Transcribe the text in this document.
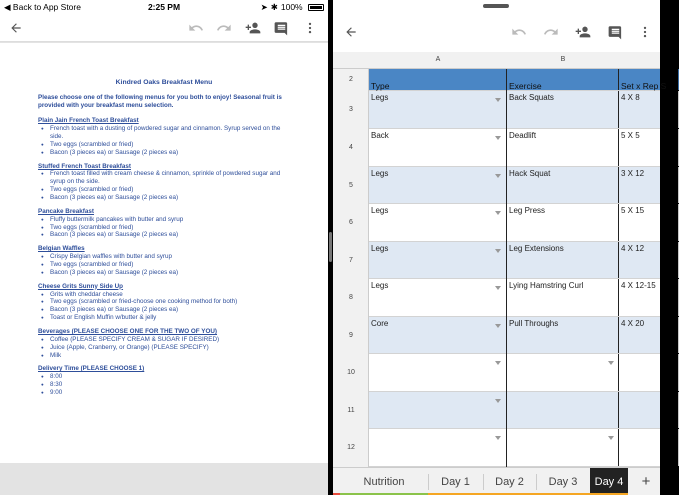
◀ Back to App Store	2:25 PM	➤ ✱ 100%
Kindred Oaks Breakfast Menu
Please choose one of the following menus for you both to enjoy! Seasonal fruit is provided with your breakfast menu selection.
Plain Jain French Toast Breakfast
● French toast with a dusting of powdered sugar and cinnamon. Syrup served on the side.
● Two eggs (scrambled or fried)
● Bacon (3 pieces ea) or Sausage (2 pieces ea)
Stuffed French Toast Breakfast
● French toast filled with cream cheese & cinnamon, sprinkle of powdered sugar and syrup on the side.
● Two eggs (scrambled or fried)
● Bacon (3 pieces ea) or Sausage (2 pieces ea)
Pancake Breakfast
● Fluffy buttermilk pancakes with butter and syrup
● Two eggs (scrambled or fried)
● Bacon (3 pieces ea) or Sausage (2 pieces ea)
Belgian Waffles
● Crispy Belgian waffles with butter and syrup
● Two eggs (scrambled or fried)
● Bacon (3 pieces ea) or Sausage (2 pieces ea)
Cheese Grits Sunny Side Up
● Grits with cheddar cheese
● Two eggs (scrambled or fried-choose one cooking method for both)
● Bacon (3 pieces ea) or Sausage (2 pieces ea)
● Toast or English Muffin w/butter & jelly
Beverages (PLEASE CHOOSE ONE FOR THE TWO OF YOU)
● Coffee (PLEASE SPECIFY CREAM & SUGAR IF DESIRED)
● Juice (Apple, Cranberry, or Orange) (PLEASE SPECIFY)
● Milk
Delivery Time (PLEASE CHOOSE 1)
● 8:00
● 8:30
● 9:00
A	B
2
3
4
5
6
7
8
9
10
11
12
Type	Exercise	Set x Rep S
Legs	Back Squats	4 X 8
Back	Deadlift	5 X 5
Legs	Hack Squat	3 X 12
Legs	Leg Press	5 X 15
Legs	Leg Extensions	4 X 12
Legs	Lying Hamstring Curl	4 X 12-15
Core	Pull Throughs	4 X 20
Nutrition	Day 1 Day 2 Day 3 Day 4	+
